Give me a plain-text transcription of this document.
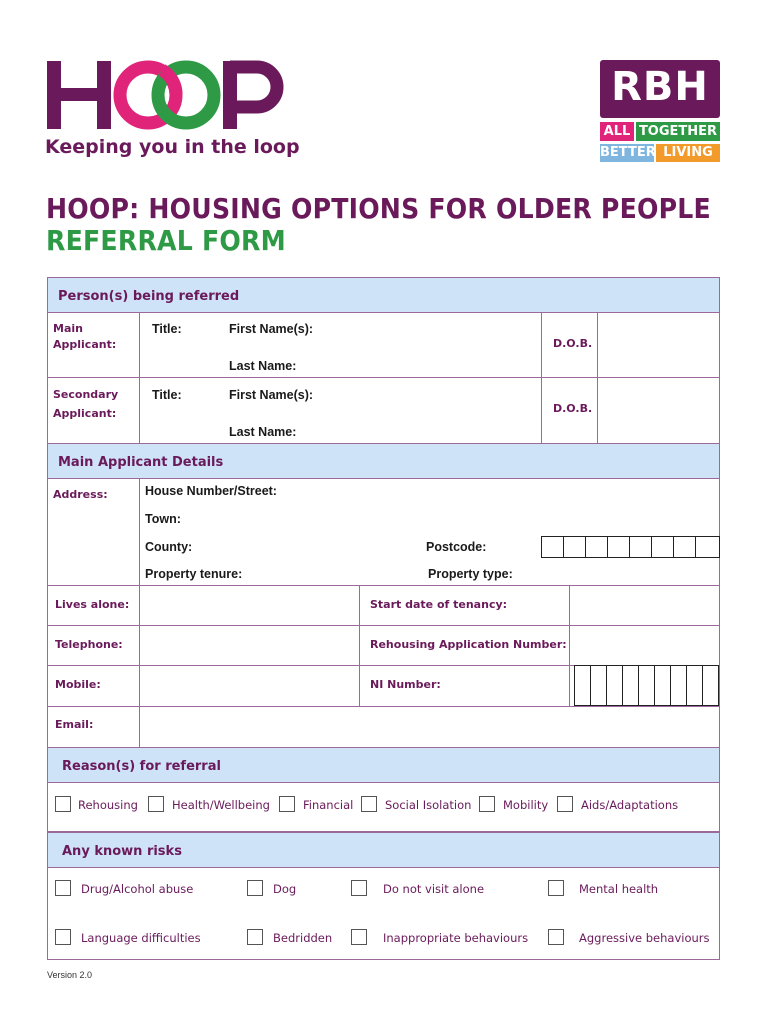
Keeping you in the loop
RBH
ALL TOGETHER
BETTER LIVING
HOOP: HOUSING OPTIONS FOR OLDER PEOPLE
REFERRAL FORM
Person(s) being referred
Main
Applicant:
Title:	First Name(s):
Last Name:
D.O.B.
Secondary
Applicant:
Title:	First Name(s):
Last Name:
D.O.B.
Main Applicant Details
Address:	House Number/Street:
Town:
County:	Postcode:
Property tenure:	Property type:
Lives alone:	Start date of tenancy:
Telephone:	Rehousing Application Number:
Mobile:	NI Number:
Email:
Reason(s) for referral
Rehousing	Health/Wellbeing	Financial	Social Isolation	Mobility	Aids/Adaptations
Any known risks
Drug/Alcohol abuse	Dog	Do not visit alone	Mental health
Language difficulties	Bedridden	Inappropriate behaviours	Aggressive behaviours
Version 2.0
